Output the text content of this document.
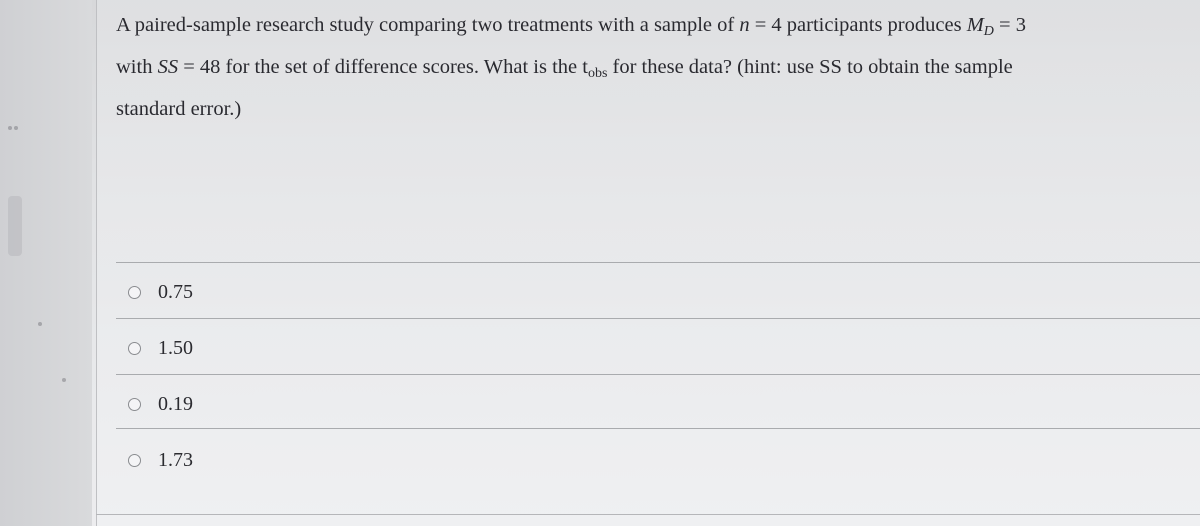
A paired-sample research study comparing two treatments with a sample of n = 4 participants produces $M_D = 3$
with SS = 48 for the set of difference scores. What is the $t_{obs}$ for these data? (hint: use SS to obtain the sample
standard error.)
0.75
1.50
0.19
1.73
